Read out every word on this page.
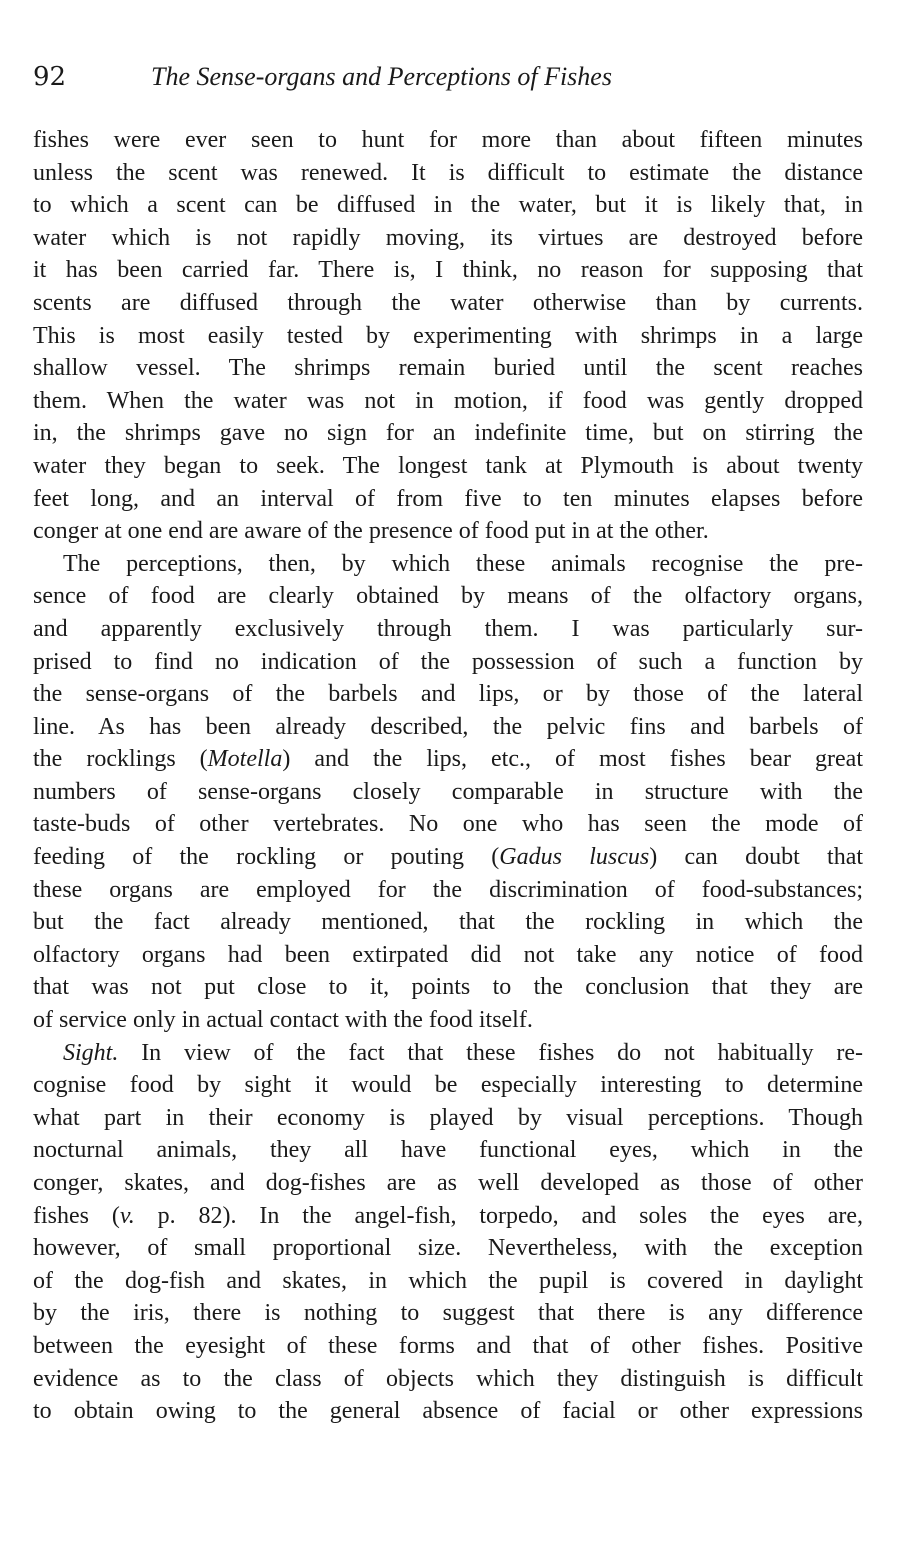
92	The Sense-organs and Perceptions of Fishes
fishes were ever seen to hunt for more than about fifteen minutes
unless the scent was renewed. It is difficult to estimate the distance
to which a scent can be diffused in the water, but it is likely that, in
water which is not rapidly moving, its virtues are destroyed before
it has been carried far. There is, I think, no reason for supposing that
scents are diffused through the water otherwise than by currents.
This is most easily tested by experimenting with shrimps in a large
shallow vessel. The shrimps remain buried until the scent reaches
them. When the water was not in motion, if food was gently dropped
in, the shrimps gave no sign for an indefinite time, but on stirring the
water they began to seek. The longest tank at Plymouth is about twenty
feet long, and an interval of from five to ten minutes elapses before
conger at one end are aware of the presence of food put in at the other.
The perceptions, then, by which these animals recognise the pre-
sence of food are clearly obtained by means of the olfactory organs,
and apparently exclusively through them. I was particularly sur-
prised to find no indication of the possession of such a function by
the sense-organs of the barbels and lips, or by those of the lateral
line. As has been already described, the pelvic fins and barbels of
the rocklings (Motella) and the lips, etc., of most fishes bear great
numbers of sense-organs closely comparable in structure with the
taste-buds of other vertebrates. No one who has seen the mode of
feeding of the rockling or pouting (Gadus luscus) can doubt that
these organs are employed for the discrimination of food-substances;
but the fact already mentioned, that the rockling in which the
olfactory organs had been extirpated did not take any notice of food
that was not put close to it, points to the conclusion that they are
of service only in actual contact with the food itself.
Sight. In view of the fact that these fishes do not habitually re-
cognise food by sight it would be especially interesting to determine
what part in their economy is played by visual perceptions. Though
nocturnal animals, they all have functional eyes, which in the
conger, skates, and dog-fishes are as well developed as those of other
fishes (v. p. 82). In the angel-fish, torpedo, and soles the eyes are,
however, of small proportional size. Nevertheless, with the exception
of the dog-fish and skates, in which the pupil is covered in daylight
by the iris, there is nothing to suggest that there is any difference
between the eyesight of these forms and that of other fishes. Positive
evidence as to the class of objects which they distinguish is difficult
to obtain owing to the general absence of facial or other expressions
